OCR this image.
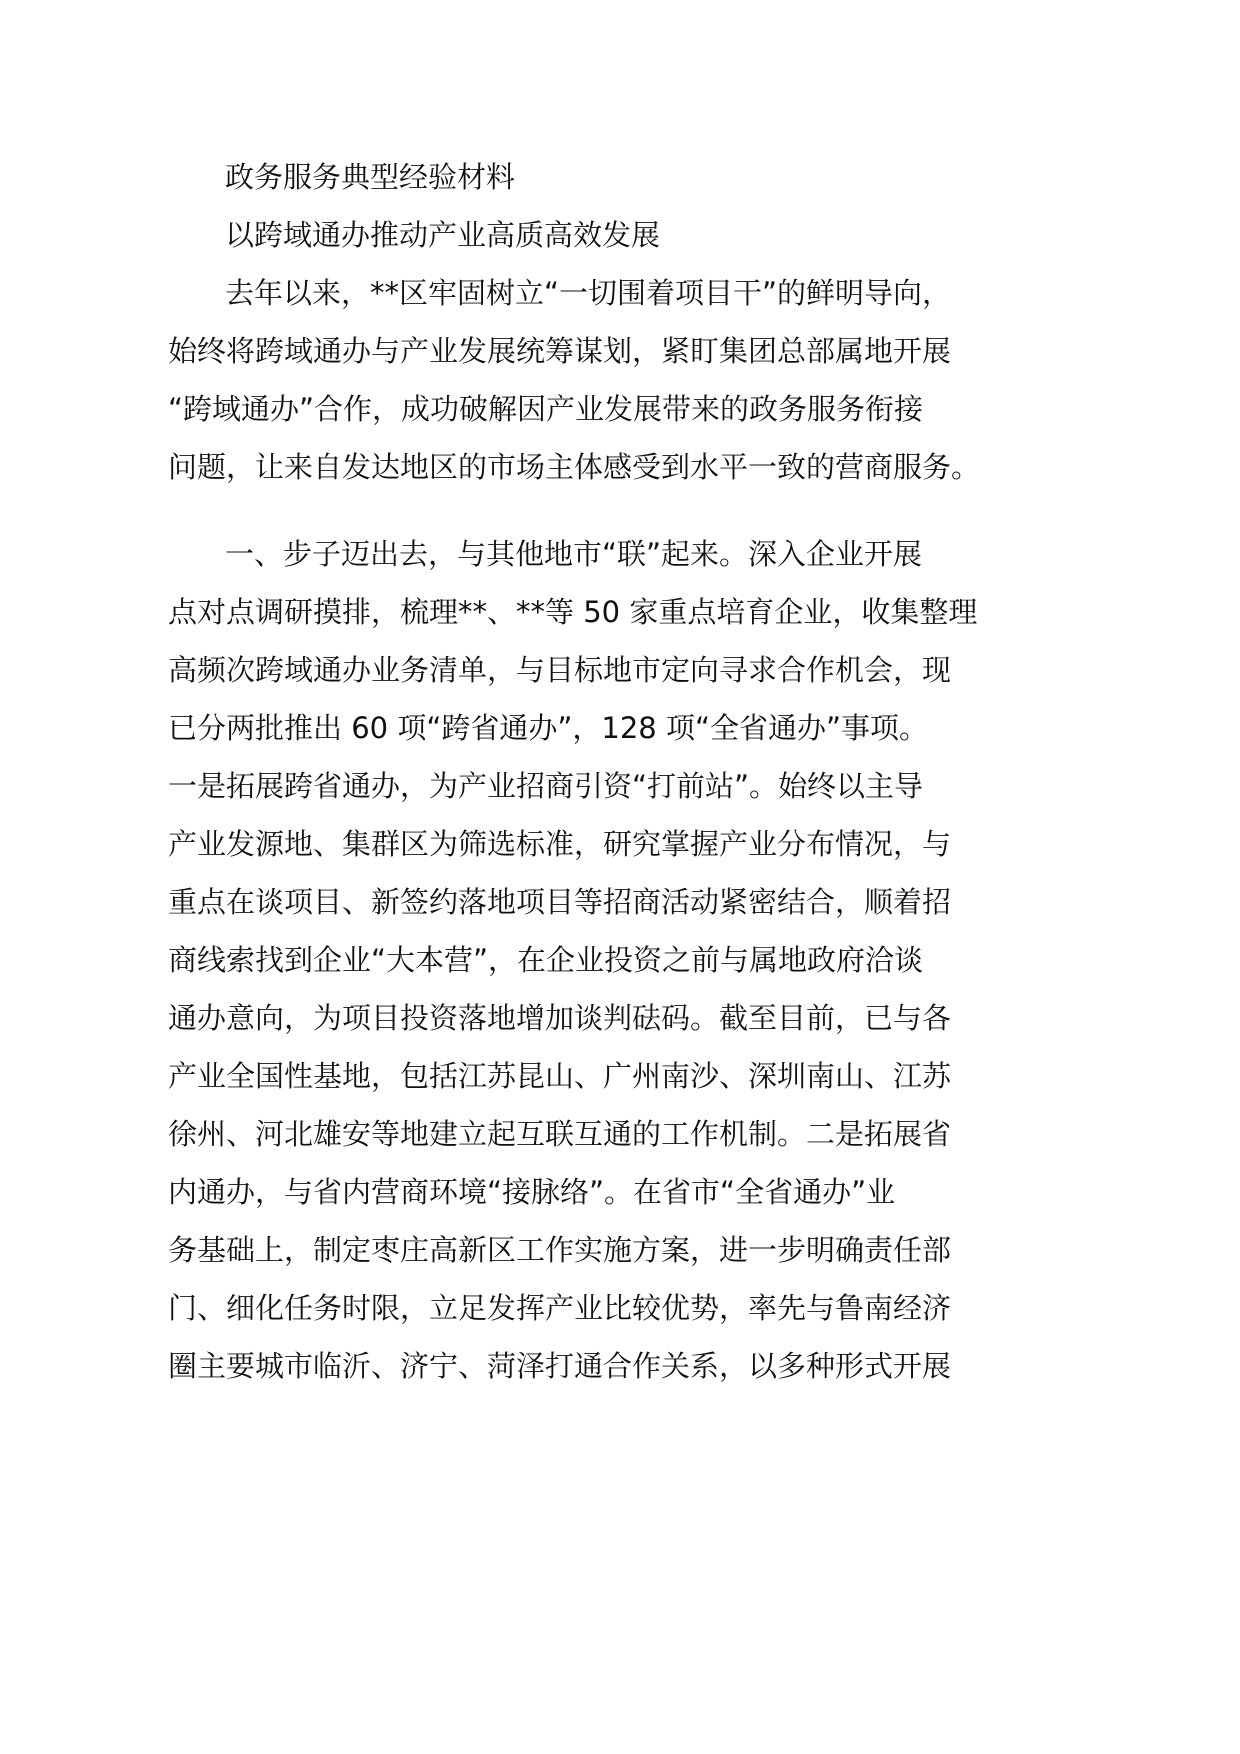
政务服务典型经验材料
以跨域通办推动产业高质高效发展
去年以来，**区牢固树立“一切围着项目干”的鲜明导向，
始终将跨域通办与产业发展统筹谋划，紧盯集团总部属地开展
“跨域通办”合作，成功破解因产业发展带来的政务服务衔接
问题，让来自发达地区的市场主体感受到水平一致的营商服务。
一、步子迈出去，与其他地市“联”起来。深入企业开展
点对点调研摸排，梳理**、**等 50 家重点培育企业，收集整理
高频次跨域通办业务清单，与目标地市定向寻求合作机会，现
已分两批推出 60 项“跨省通办”，128 项“全省通办”事项。
一是拓展跨省通办，为产业招商引资“打前站”。始终以主导
产业发源地、集群区为筛选标准，研究掌握产业分布情况，与
重点在谈项目、新签约落地项目等招商活动紧密结合，顺着招
商线索找到企业“大本营”，在企业投资之前与属地政府洽谈
通办意向，为项目投资落地增加谈判砝码。截至目前，已与各
产业全国性基地，包括江苏昆山、广州南沙、深圳南山、江苏
徐州、河北雄安等地建立起互联互通的工作机制。二是拓展省
内通办，与省内营商环境“接脉络”。在省市“全省通办”业
务基础上，制定枣庄高新区工作实施方案，进一步明确责任部
门、细化任务时限，立足发挥产业比较优势，率先与鲁南经济
圈主要城市临沂、济宁、菏泽打通合作关系，以多种形式开展
